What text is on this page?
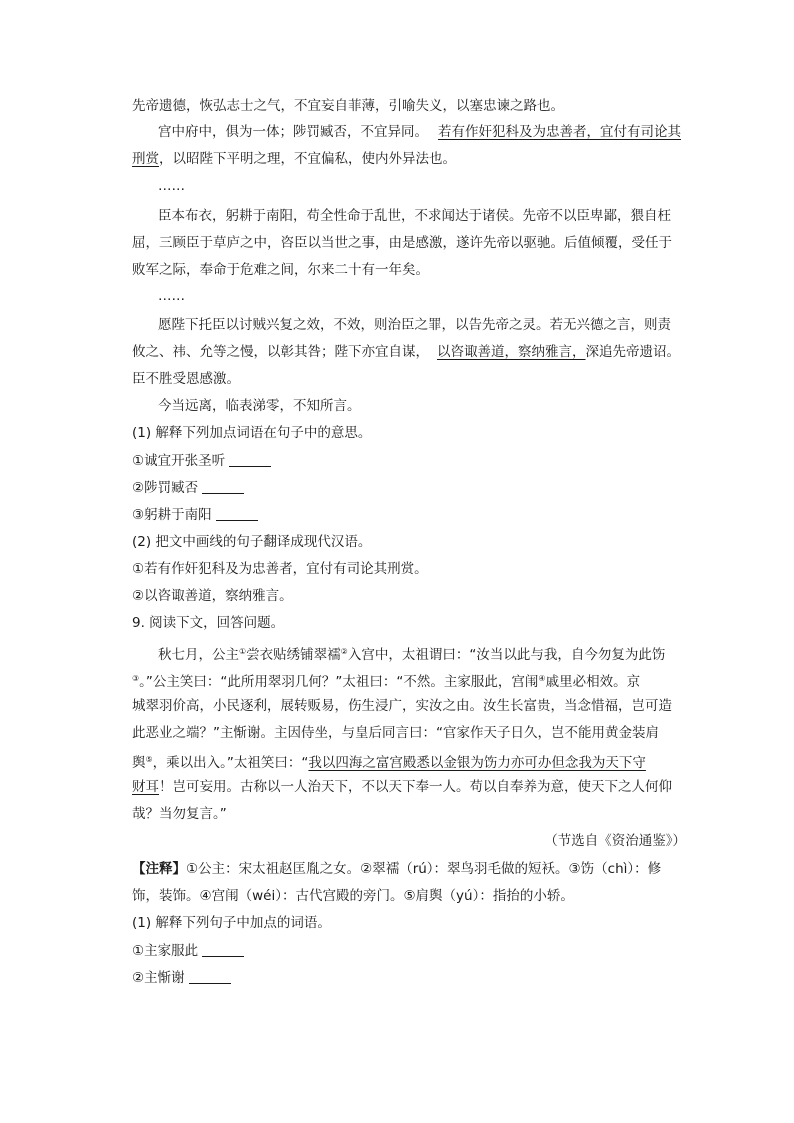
先帝遗德，恢弘志士之气，不宜妄自菲薄，引喻失义，以塞忠谏之路也。
宫中府中，俱为一体；陟罚臧否，不宜异同。 若有作奸犯科及为忠善者，宜付有司论其
刑赏，以昭陛下平明之理，不宜偏私，使内外异法也。
……
臣本布衣，躬耕于南阳，苟全性命于乱世，不求闻达于诸侯。先帝不以臣卑鄙，猥自枉
屈，三顾臣于草庐之中，咨臣以当世之事，由是感激，遂许先帝以驱驰。后值倾覆，受任于
败军之际，奉命于危难之间，尔来二十有一年矣。
……
愿陛下托臣以讨贼兴复之效，不效，则治臣之罪，以告先帝之灵。若无兴德之言，则责
攸之、祎、允等之慢，以彰其咎；陛下亦宜自谋， 以咨诹善道，察纳雅言，深追先帝遗诏。
臣不胜受恩感激。
今当远离，临表涕零，不知所言。
(1) 解释下列加点词语在句子中的意思。
①诚宜开张圣听
②陟罚臧否
③躬耕于南阳
(2) 把文中画线的句子翻译成现代汉语。
①若有作奸犯科及为忠善者，宜付有司论其刑赏。
②以咨诹善道，察纳雅言。
9. 阅读下文，回答问题。
秋七月，公主①尝衣贴绣铺翠襦②入宫中，太祖谓曰：“汝当以此与我，自今勿复为此饬
③。”公主笑曰：“此所用翠羽几何？”太祖曰：“不然。主家服此，宫闱④戚里必相效。京
城翠羽价高，小民逐利，展转贩易，伤生浸广，实汝之由。汝生长富贵，当念惜福，岂可造
此恶业之端？”主惭谢。主因侍坐，与皇后同言曰：“官家作天子日久，岂不能用黄金装肩
舆⑤，乘以出入。”太祖笑曰：“我以四海之富宫殿悉以金银为饬力亦可办但念我为天下守
财耳！岂可妄用。古称以一人治天下，不以天下奉一人。苟以自奉养为意，使天下之人何仰
哉？当勿复言。”
（节选自《资治通鉴》）
【注释】①公主：宋太祖赵匡胤之女。②翠襦（rú）：翠鸟羽毛做的短袄。③饬（chì）：修
饰，装饰。④宫闱（wéi）：古代宫殿的旁门。⑤肩舆（yú）：指抬的小轿。
(1) 解释下列句子中加点的词语。
①主家服此
②主惭谢
